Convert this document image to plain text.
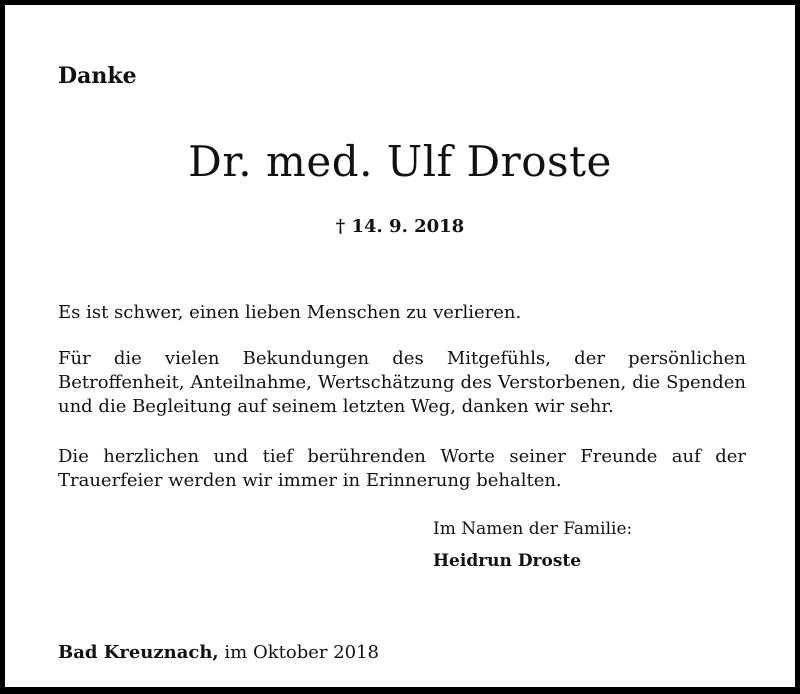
Danke
Dr. med. Ulf Droste
† 14. 9. 2018
Es ist schwer, einen lieben Menschen zu verlieren.
Für die vielen Bekundungen des Mitgefühls, der persönlichen Betroffenheit, Anteilnahme, Wertschätzung des Verstorbenen, die Spenden und die Begleitung auf seinem letzten Weg, danken wir sehr.
Die herzlichen und tief berührenden Worte seiner Freunde auf der Trauerfeier werden wir immer in Erinnerung behalten.
Im Namen der Familie:
Heidrun Droste
Bad Kreuznach, im Oktober 2018
